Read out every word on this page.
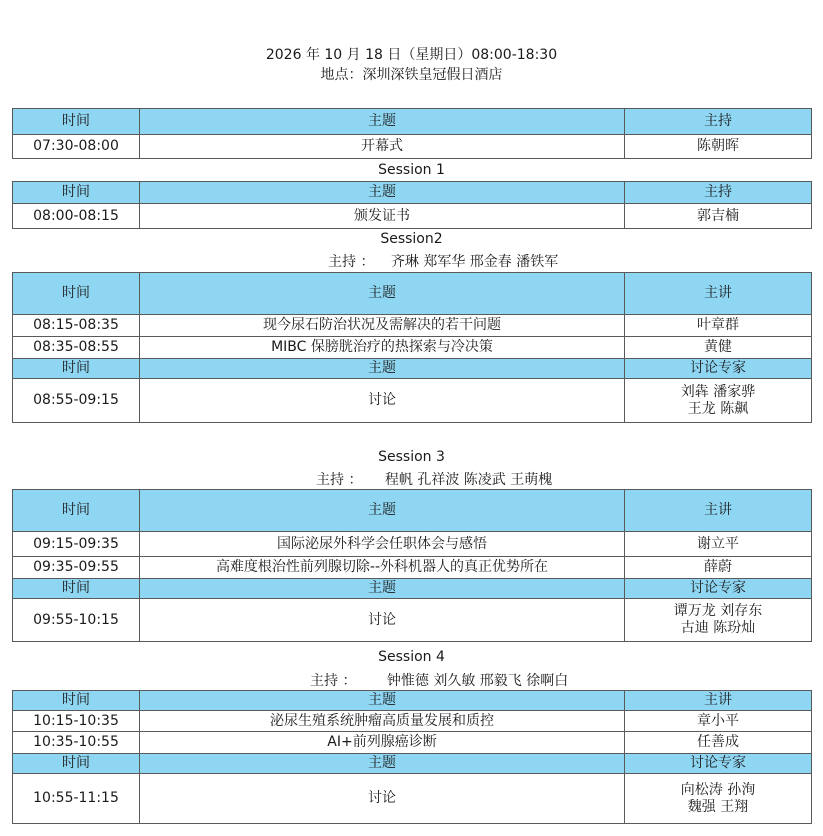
2026 年 10 月 18 日（星期日）08:00-18:30
地点：深圳深铁皇冠假日酒店
时间	主题	主持
07:30-08:00	开幕式	陈朝晖
Session 1
时间	主题	主持
08:00-08:15	颁发证书	郭吉楠
Session2
主持 ： 齐琳 郑军华 邢金春 潘铁军
时间	主题	主讲
08:15-08:35	现今尿石防治状况及需解决的若干问题	叶章群
08:35-08:55	MIBC 保膀胱治疗的热探索与冷决策	黄健
时间	主题	讨论专家
08:55-09:15	讨论	刘犇 潘家骅
王龙 陈飙
Session 3
主持 ： 程帆 孔祥波 陈凌武 王萌槐
时间	主题	主讲
09:15-09:35	国际泌尿外科学会任职体会与感悟	谢立平
09:35-09:55	高难度根治性前列腺切除--外科机器人的真正优势所在	薛蔚
时间	主题	讨论专家
09:55-10:15	讨论	谭万龙 刘存东
古迪 陈玢灿
Session 4
主持 ： 钟惟德 刘久敏 邢毅飞 徐啊白
时间	主题	主讲
10:15-10:35	泌尿生殖系统肿瘤高质量发展和质控	章小平
10:35-10:55	AI+前列腺癌诊断	任善成
时间	主题	讨论专家
10:55-11:15	讨论	向松涛 孙洵
魏强 王翔
